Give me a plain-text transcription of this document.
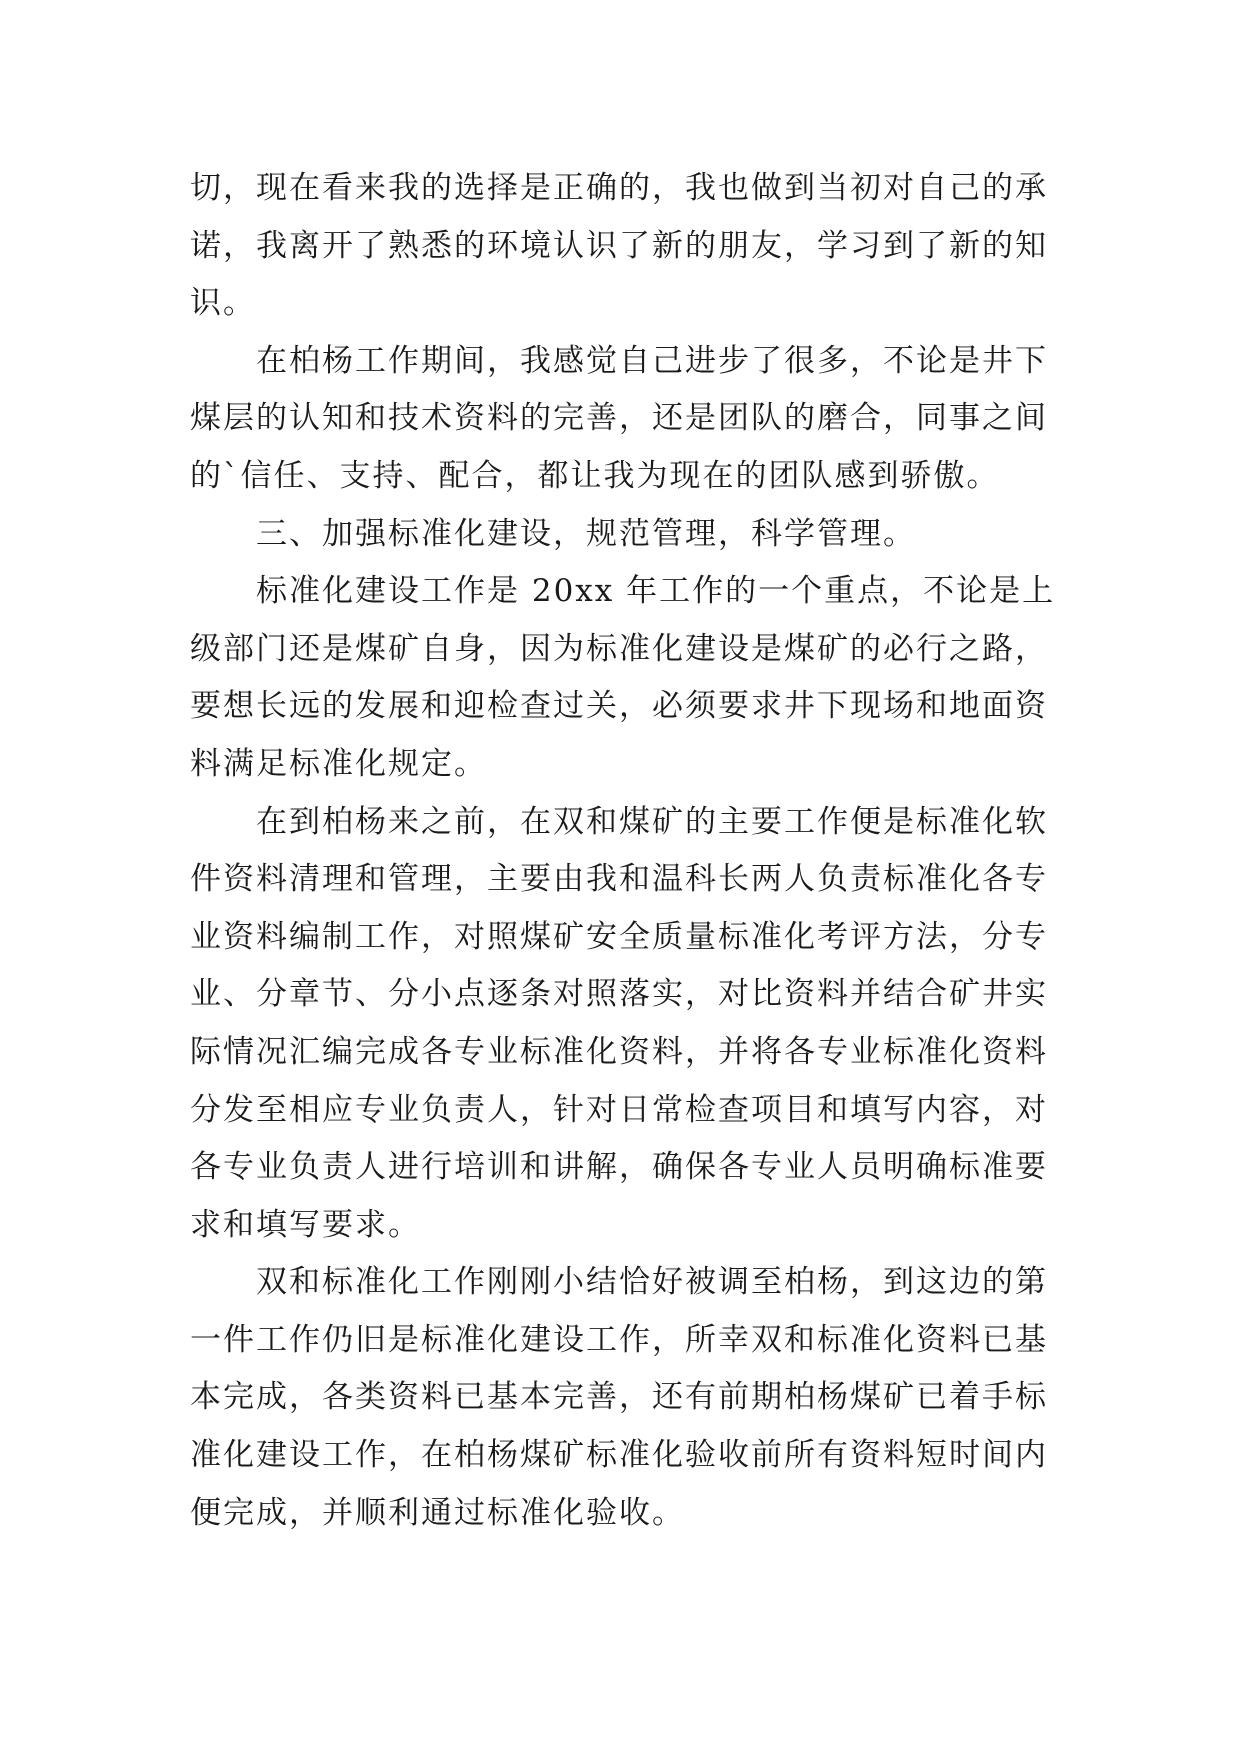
切，现在看来我的选择是正确的，我也做到当初对自己的承
诺，我离开了熟悉的环境认识了新的朋友，学习到了新的知
识。
　　在柏杨工作期间，我感觉自己进步了很多，不论是井下
煤层的认知和技术资料的完善，还是团队的磨合，同事之间
的`信任、支持、配合，都让我为现在的团队感到骄傲。
　　三、加强标准化建设，规范管理，科学管理。
　　标准化建设工作是 20xx 年工作的一个重点，不论是上
级部门还是煤矿自身，因为标准化建设是煤矿的必行之路，
要想长远的发展和迎检查过关，必须要求井下现场和地面资
料满足标准化规定。
　　在到柏杨来之前，在双和煤矿的主要工作便是标准化软
件资料清理和管理，主要由我和温科长两人负责标准化各专
业资料编制工作，对照煤矿安全质量标准化考评方法，分专
业、分章节、分小点逐条对照落实，对比资料并结合矿井实
际情况汇编完成各专业标准化资料，并将各专业标准化资料
分发至相应专业负责人，针对日常检查项目和填写内容，对
各专业负责人进行培训和讲解，确保各专业人员明确标准要
求和填写要求。
　　双和标准化工作刚刚小结恰好被调至柏杨，到这边的第
一件工作仍旧是标准化建设工作，所幸双和标准化资料已基
本完成，各类资料已基本完善，还有前期柏杨煤矿已着手标
准化建设工作，在柏杨煤矿标准化验收前所有资料短时间内
便完成，并顺利通过标准化验收。
